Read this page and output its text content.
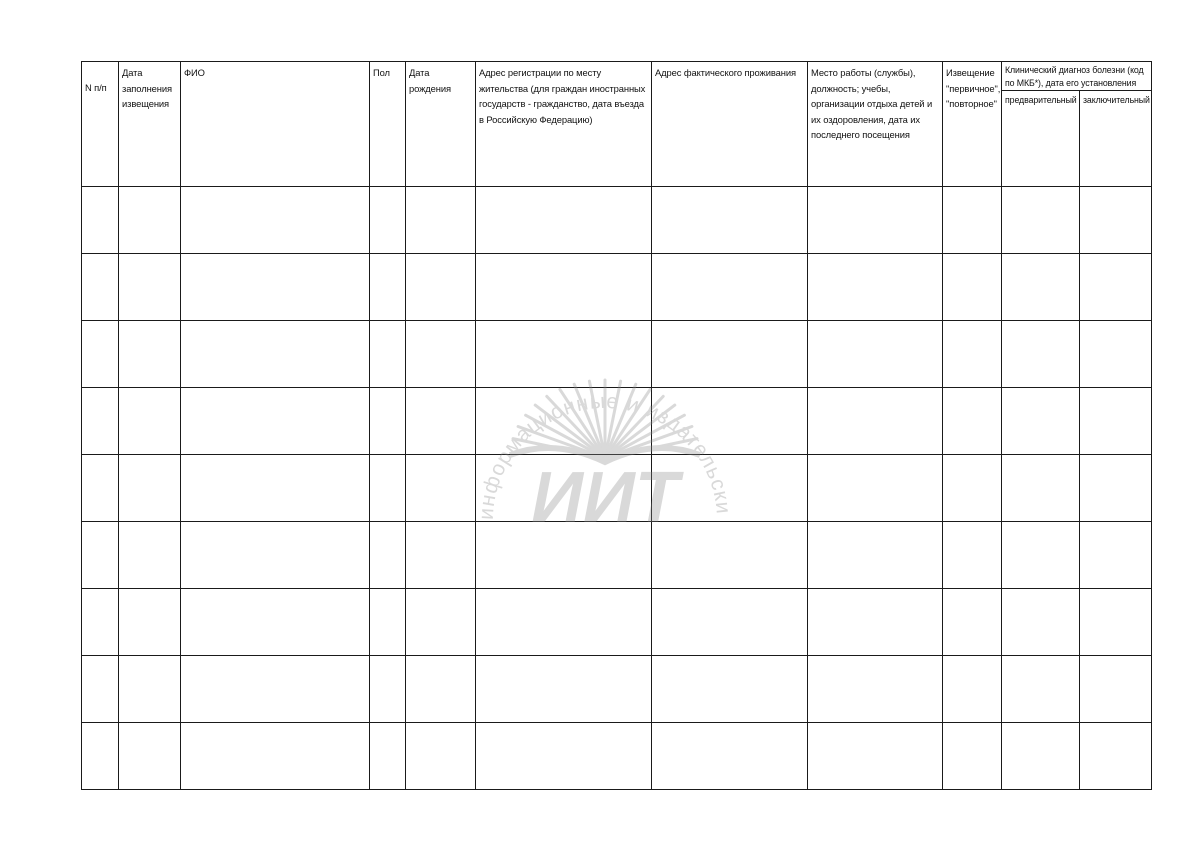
N п/п	Дата заполнения извещения	ФИО	Пол	Дата рождения	Адрес регистрации по месту жительства (для граждан иностранных государств - гражданство, дата въезда в Российскую Федерацию)	Адрес фактического проживания	Место работы (службы), должность; учебы, организации отдыха детей и их оздоровления, дата их последнего посещения	Извещение "первичное", "повторное"	Клинический диагноз болезни (код по МКБ*), дата его установления	

									предварительный	заключительный

информационные и издательски
ИИТ
